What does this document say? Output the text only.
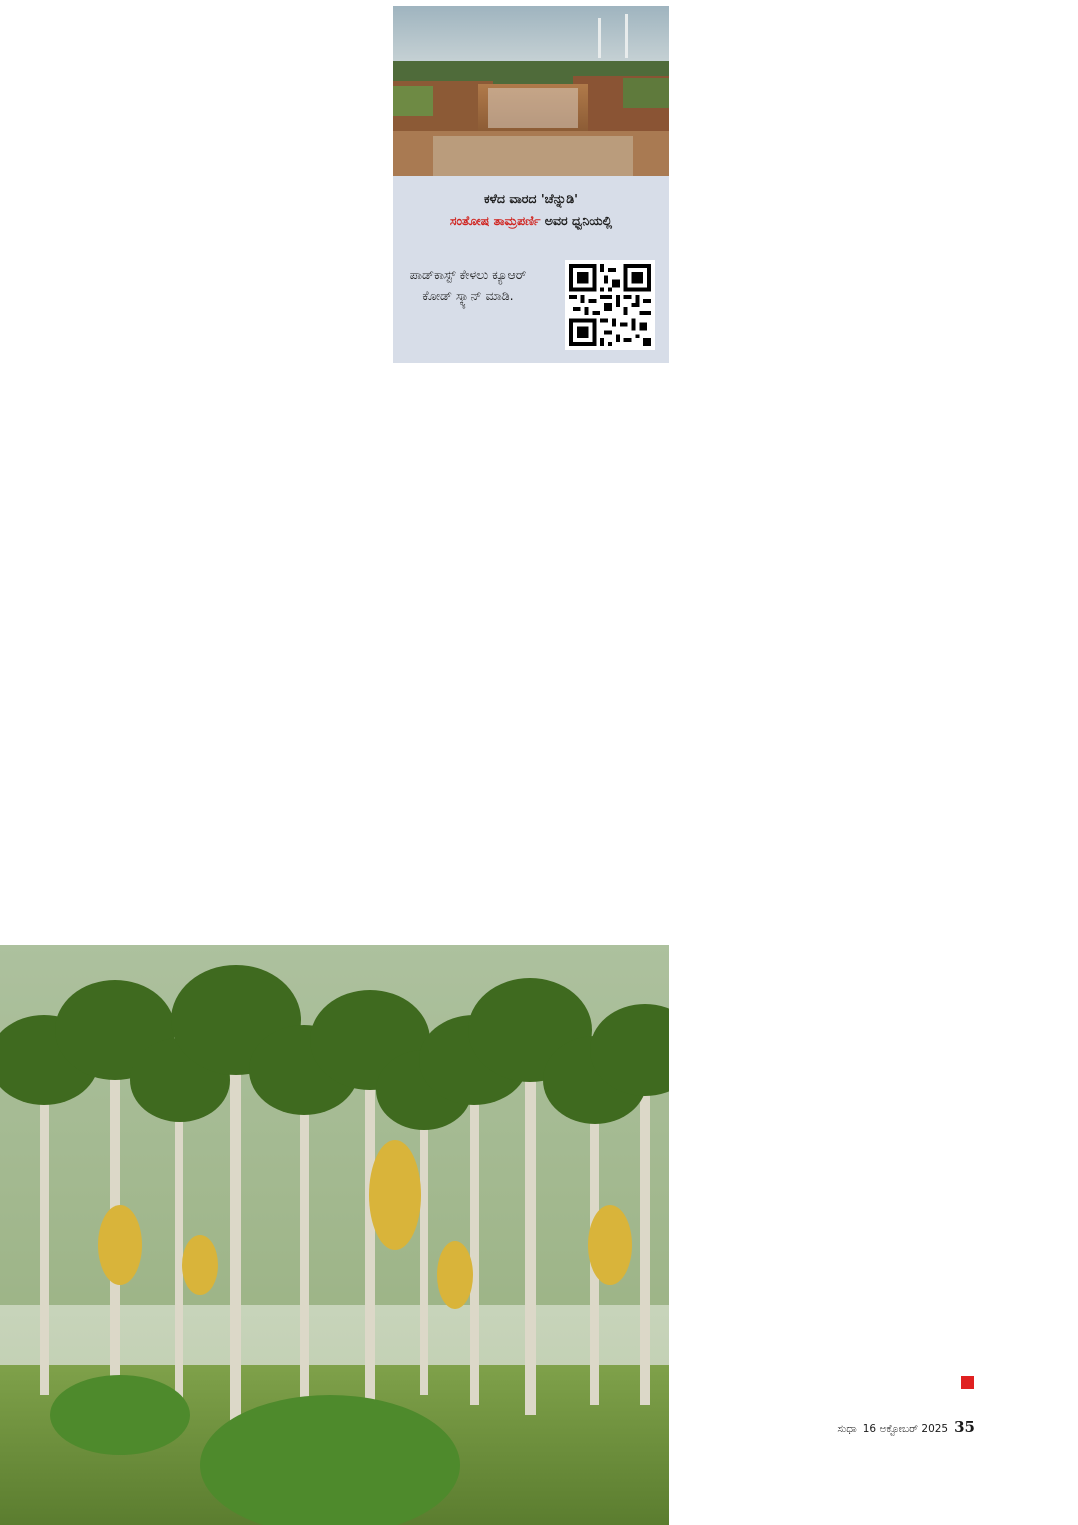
ಕಳೆದ ವಾರದ 'ಚೆನ್ನುಡಿ'
ಸಂತೋಷ ತಾಮ್ರಪರ್ಣಿ ಅವರ ಧ್ವನಿಯಲ್ಲಿ
ಪಾಡ್‌ಕಾಸ್ಟ್ ಕೇಳಲು ಕ್ಯೂಆರ್ ಕೋಡ್ ಸ್ಕ್ಯಾನ್ ಮಾಡಿ.
ಸುಧಾ 16 ಅಕ್ಟೋಬರ್ 2025 35
